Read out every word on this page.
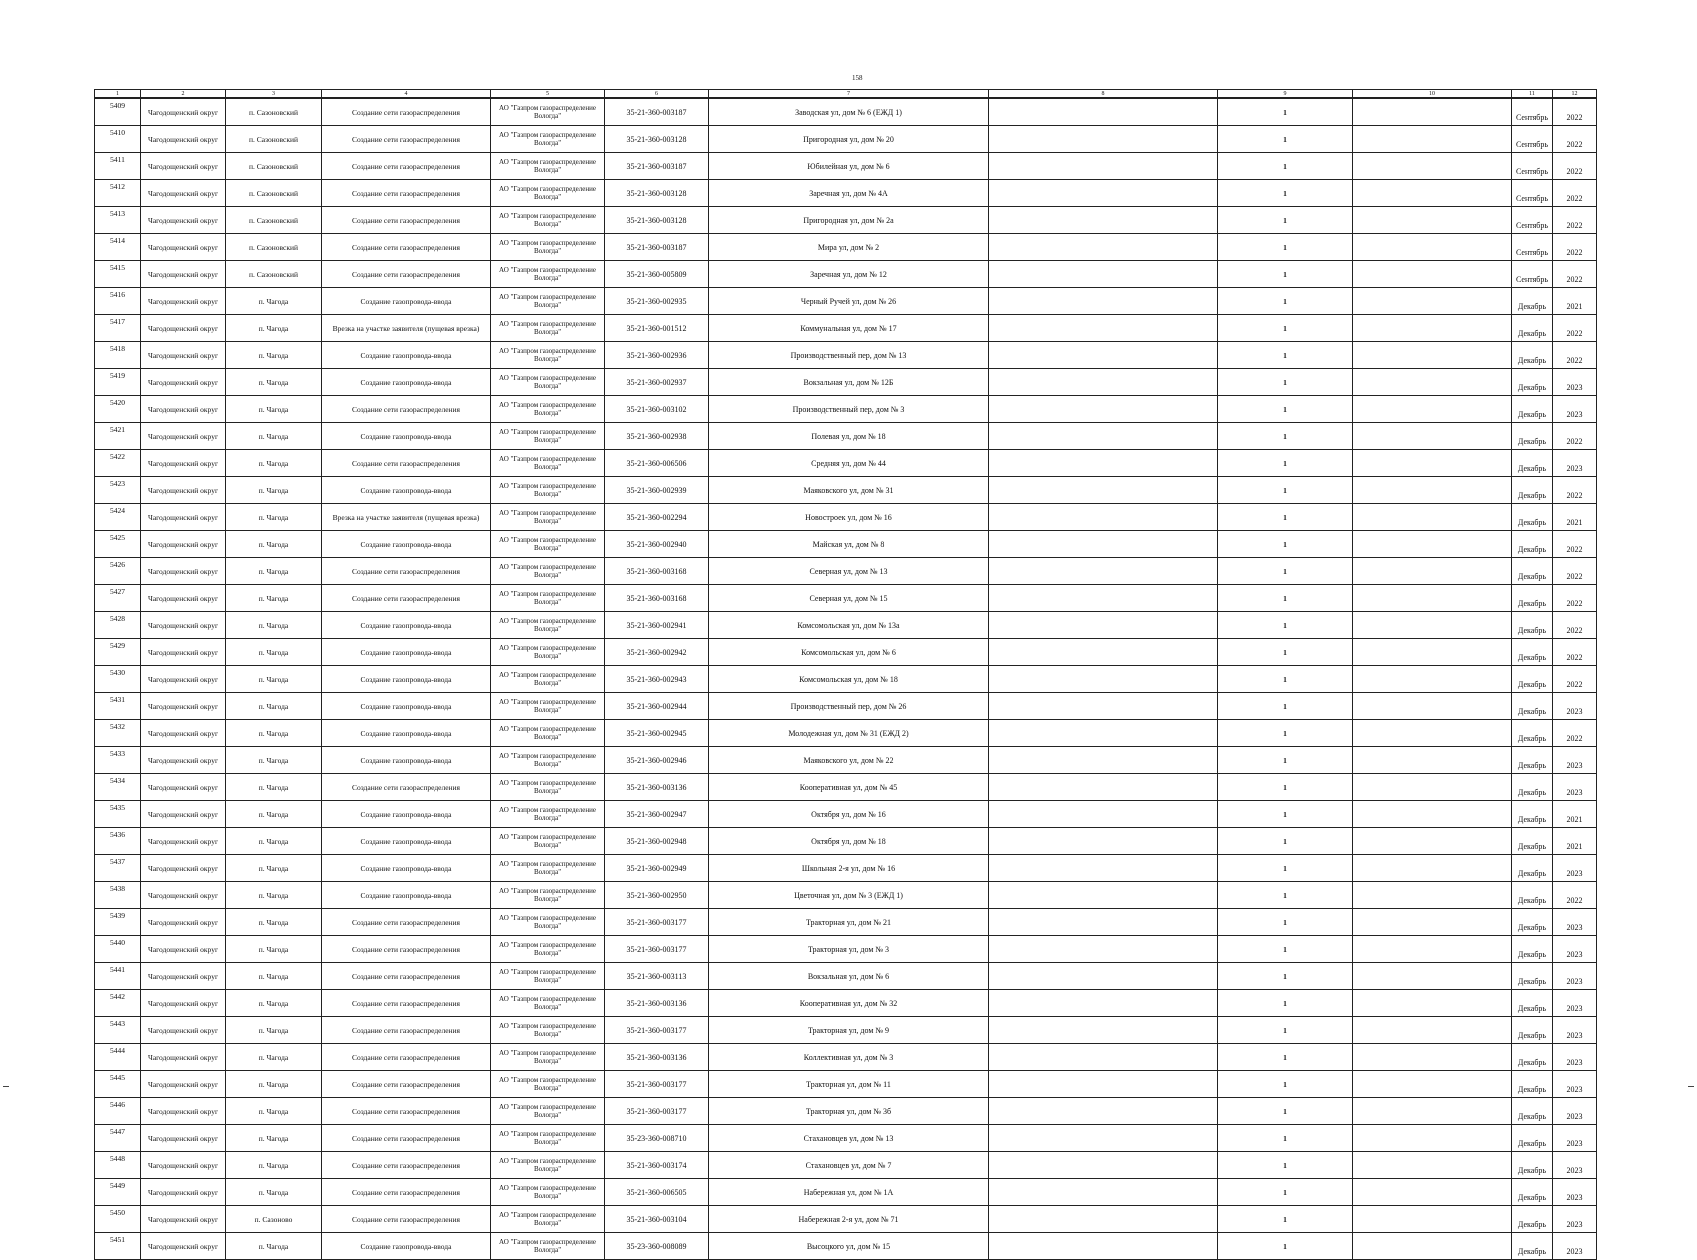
158
1	2	3	4	5	6	7	8	9	10	11	12
5409	Чагодощенский округ	п. Сазоновский	Создание сети газораспределения	АО "Газпром газораспределение Вологда"	35-21-360-003187	Заводская ул, дом № 6 (ЕЖД 1)		1		Сентябрь	2022
5410	Чагодощенский округ	п. Сазоновский	Создание сети газораспределения	АО "Газпром газораспределение Вологда"	35-21-360-003128	Пригородная ул, дом № 20		1		Сентябрь	2022
5411	Чагодощенский округ	п. Сазоновский	Создание сети газораспределения	АО "Газпром газораспределение Вологда"	35-21-360-003187	Юбилейная ул, дом № 6		1		Сентябрь	2022
5412	Чагодощенский округ	п. Сазоновский	Создание сети газораспределения	АО "Газпром газораспределение Вологда"	35-21-360-003128	Заречная ул, дом № 4А		1		Сентябрь	2022
5413	Чагодощенский округ	п. Сазоновский	Создание сети газораспределения	АО "Газпром газораспределение Вологда"	35-21-360-003128	Пригородная ул, дом № 2а		1		Сентябрь	2022
5414	Чагодощенский округ	п. Сазоновский	Создание сети газораспределения	АО "Газпром газораспределение Вологда"	35-21-360-003187	Мира ул, дом № 2		1		Сентябрь	2022
5415	Чагодощенский округ	п. Сазоновский	Создание сети газораспределения	АО "Газпром газораспределение Вологда"	35-21-360-005809	Заречная ул, дом № 12		1		Сентябрь	2022
5416	Чагодощенский округ	п. Чагода	Создание газопровода-ввода	АО "Газпром газораспределение Вологда"	35-21-360-002935	Черный Ручей ул, дом № 26		1		Декабрь	2021
5417	Чагодощенский округ	п. Чагода	Врезка на участке заявителя (пущевая врезка)	АО "Газпром газораспределение Вологда"	35-21-360-001512	Коммунальная ул, дом № 17		1		Декабрь	2022
5418	Чагодощенский округ	п. Чагода	Создание газопровода-ввода	АО "Газпром газораспределение Вологда"	35-21-360-002936	Производственный пер, дом № 13		1		Декабрь	2022
5419	Чагодощенский округ	п. Чагода	Создание газопровода-ввода	АО "Газпром газораспределение Вологда"	35-21-360-002937	Вокзальная ул, дом № 12Б		1		Декабрь	2023
5420	Чагодощенский округ	п. Чагода	Создание сети газораспределения	АО "Газпром газораспределение Вологда"	35-21-360-003102	Производственный пер, дом № 3		1		Декабрь	2023
5421	Чагодощенский округ	п. Чагода	Создание газопровода-ввода	АО "Газпром газораспределение Вологда"	35-21-360-002938	Полевая ул, дом № 18		1		Декабрь	2022
5422	Чагодощенский округ	п. Чагода	Создание сети газораспределения	АО "Газпром газораспределение Вологда"	35-21-360-006506	Средняя ул, дом № 44		1		Декабрь	2023
5423	Чагодощенский округ	п. Чагода	Создание газопровода-ввода	АО "Газпром газораспределение Вологда"	35-21-360-002939	Маяковского ул, дом № 31		1		Декабрь	2022
5424	Чагодощенский округ	п. Чагода	Врезка на участке заявителя (пущевая врезка)	АО "Газпром газораспределение Вологда"	35-21-360-002294	Новостроек ул, дом № 16		1		Декабрь	2021
5425	Чагодощенский округ	п. Чагода	Создание газопровода-ввода	АО "Газпром газораспределение Вологда"	35-21-360-002940	Майская ул, дом № 8		1		Декабрь	2022
5426	Чагодощенский округ	п. Чагода	Создание сети газораспределения	АО "Газпром газораспределение Вологда"	35-21-360-003168	Северная ул, дом № 13		1		Декабрь	2022
5427	Чагодощенский округ	п. Чагода	Создание сети газораспределения	АО "Газпром газораспределение Вологда"	35-21-360-003168	Северная ул, дом № 15		1		Декабрь	2022
5428	Чагодощенский округ	п. Чагода	Создание газопровода-ввода	АО "Газпром газораспределение Вологда"	35-21-360-002941	Комсомольская ул, дом № 13а		1		Декабрь	2022
5429	Чагодощенский округ	п. Чагода	Создание газопровода-ввода	АО "Газпром газораспределение Вологда"	35-21-360-002942	Комсомольская ул, дом № 6		1		Декабрь	2022
5430	Чагодощенский округ	п. Чагода	Создание газопровода-ввода	АО "Газпром газораспределение Вологда"	35-21-360-002943	Комсомольская ул, дом № 18		1		Декабрь	2022
5431	Чагодощенский округ	п. Чагода	Создание газопровода-ввода	АО "Газпром газораспределение Вологда"	35-21-360-002944	Производственный пер, дом № 26		1		Декабрь	2023
5432	Чагодощенский округ	п. Чагода	Создание газопровода-ввода	АО "Газпром газораспределение Вологда"	35-21-360-002945	Молодежная ул, дом № 31 (ЕЖД 2)		1		Декабрь	2022
5433	Чагодощенский округ	п. Чагода	Создание газопровода-ввода	АО "Газпром газораспределение Вологда"	35-21-360-002946	Маяковского ул, дом № 22		1		Декабрь	2023
5434	Чагодощенский округ	п. Чагода	Создание сети газораспределения	АО "Газпром газораспределение Вологда"	35-21-360-003136	Кооперативная ул, дом № 45		1		Декабрь	2023
5435	Чагодощенский округ	п. Чагода	Создание газопровода-ввода	АО "Газпром газораспределение Вологда"	35-21-360-002947	Октября ул, дом № 16		1		Декабрь	2021
5436	Чагодощенский округ	п. Чагода	Создание газопровода-ввода	АО "Газпром газораспределение Вологда"	35-21-360-002948	Октября ул, дом № 18		1		Декабрь	2021
5437	Чагодощенский округ	п. Чагода	Создание газопровода-ввода	АО "Газпром газораспределение Вологда"	35-21-360-002949	Школьная 2-я ул, дом № 16		1		Декабрь	2023
5438	Чагодощенский округ	п. Чагода	Создание газопровода-ввода	АО "Газпром газораспределение Вологда"	35-21-360-002950	Цветочная ул, дом № 3 (ЕЖД 1)		1		Декабрь	2022
5439	Чагодощенский округ	п. Чагода	Создание сети газораспределения	АО "Газпром газораспределение Вологда"	35-21-360-003177	Тракторная ул, дом № 21		1		Декабрь	2023
5440	Чагодощенский округ	п. Чагода	Создание сети газораспределения	АО "Газпром газораспределение Вологда"	35-21-360-003177	Тракторная ул, дом № 3		1		Декабрь	2023
5441	Чагодощенский округ	п. Чагода	Создание сети газораспределения	АО "Газпром газораспределение Вологда"	35-21-360-003113	Вокзальная ул, дом № 6		1		Декабрь	2023
5442	Чагодощенский округ	п. Чагода	Создание сети газораспределения	АО "Газпром газораспределение Вологда"	35-21-360-003136	Кооперативная ул, дом № 32		1		Декабрь	2023
5443	Чагодощенский округ	п. Чагода	Создание сети газораспределения	АО "Газпром газораспределение Вологда"	35-21-360-003177	Тракторная ул, дом № 9		1		Декабрь	2023
5444	Чагодощенский округ	п. Чагода	Создание сети газораспределения	АО "Газпром газораспределение Вологда"	35-21-360-003136	Коллективная ул, дом № 3		1		Декабрь	2023
5445	Чагодощенский округ	п. Чагода	Создание сети газораспределения	АО "Газпром газораспределение Вологда"	35-21-360-003177	Тракторная ул, дом № 11		1		Декабрь	2023
5446	Чагодощенский округ	п. Чагода	Создание сети газораспределения	АО "Газпром газораспределение Вологда"	35-21-360-003177	Тракторная ул, дом № 3б		1		Декабрь	2023
5447	Чагодощенский округ	п. Чагода	Создание сети газораспределения	АО "Газпром газораспределение Вологда"	35-23-360-008710	Стахановцев ул, дом № 13		1		Декабрь	2023
5448	Чагодощенский округ	п. Чагода	Создание сети газораспределения	АО "Газпром газораспределение Вологда"	35-21-360-003174	Стахановцев ул, дом № 7		1		Декабрь	2023
5449	Чагодощенский округ	п. Чагода	Создание сети газораспределения	АО "Газпром газораспределение Вологда"	35-21-360-006505	Набережная ул, дом № 1А		1		Декабрь	2023
5450	Чагодощенский округ	п. Сазоново	Создание сети газораспределения	АО "Газпром газораспределение Вологда"	35-21-360-003104	Набережная 2-я ул, дом № 71		1		Декабрь	2023
5451	Чагодощенский округ	п. Чагода	Создание газопровода-ввода	АО "Газпром газораспределение Вологда"	35-23-360-008089	Высоцкого ул, дом № 15		1		Декабрь	2023
